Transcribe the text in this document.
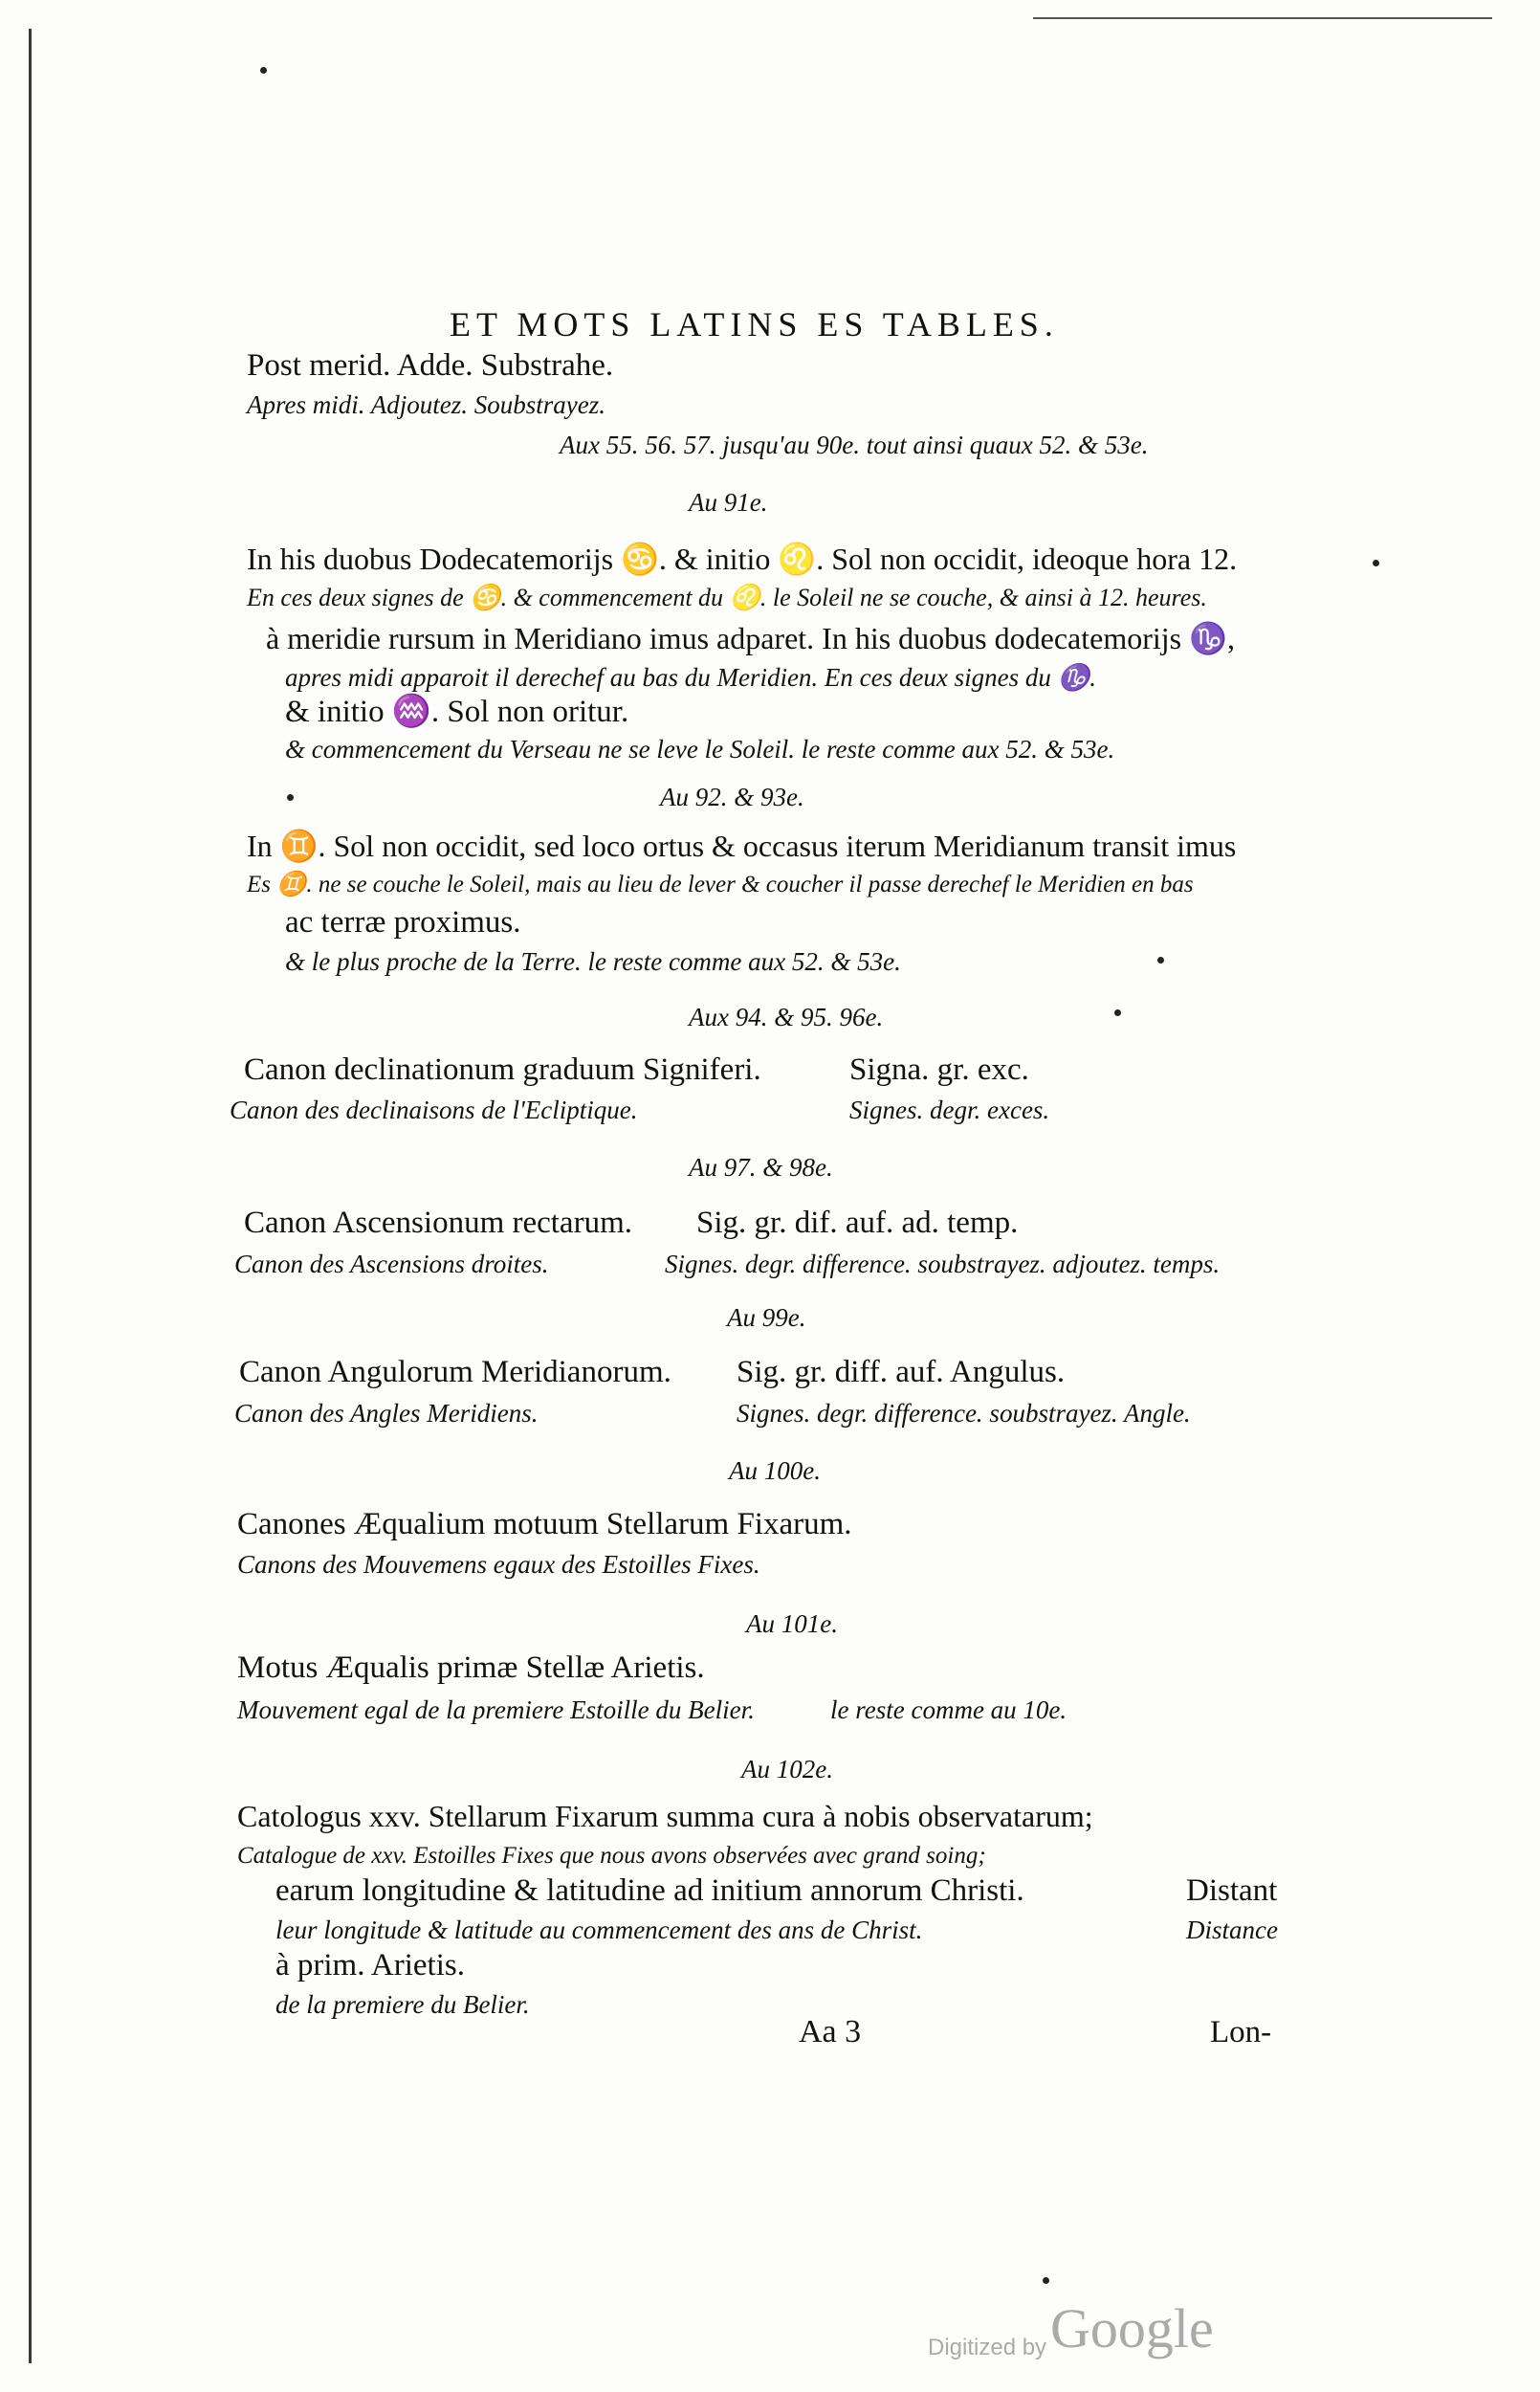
ET MOTS LATINS ES TABLES.
Post merid. Adde. Substrahe.
Apres midi. Adjoutez. Soubstrayez.
Aux 55. 56. 57. jusqu'au 90e. tout ainsi quaux 52. & 53e.
Au 91e.
In his duobus Dodecatemorijs ♋. & initio ♌. Sol non occidit, ideoque hora 12.
En ces deux signes de ♋. & commencement du ♌. le Soleil ne se couche, & ainsi à 12. heures.
à meridie rursum in Meridiano imus adparet. In his duobus dodecatemorijs ♑,
apres midi apparoit il derechef au bas du Meridien. En ces deux signes du ♑.
& initio ♒. Sol non oritur.
& commencement du Verseau ne se leve le Soleil. le reste comme aux 52. & 53e.
Au 92. & 93e.
In ♊. Sol non occidit, sed loco ortus & occasus iterum Meridianum transit imus
Es ♊. ne se couche le Soleil, mais au lieu de lever & coucher il passe derechef le Meridien en bas
ac terræ proximus.
& le plus proche de la Terre. le reste comme aux 52. & 53e.
Aux 94. & 95. 96e.
Canon declinationum graduum Signiferi.	Signa. gr. exc.
Canon des declinaisons de l'Ecliptique.	Signes. degr. exces.
Au 97. & 98e.
Canon Ascensionum rectarum. Sig. gr. dif. auf. ad. temp.
Canon des Ascensions droites.	Signes. degr. difference. soubstrayez. adjoutez. temps.
Au 99e.
Canon Angulorum Meridianorum. Sig. gr. diff. auf. Angulus.
Canon des Angles Meridiens.	Signes. degr. difference. soubstrayez. Angle.
Au 100e.
Canones Æqualium motuum Stellarum Fixarum.
Canons des Mouvemens egaux des Estoilles Fixes.
Au 101e.
Motus Æqualis primæ Stellæ Arietis.
Mouvement egal de la premiere Estoille du Belier.	le reste comme au 10e.
Au 102e.
Catologus xxv. Stellarum Fixarum summa cura à nobis observatarum;
Catalogue de xxv. Estoilles Fixes que nous avons observées avec grand soing;
earum longitudine & latitudine ad initium annorum Christi.	Distant
leur longitude & latitude au commencement des ans de Christ.	Distance
à prim. Arietis.
de la premiere du Belier.
Aa 3	Lon-
Digitized by Google
